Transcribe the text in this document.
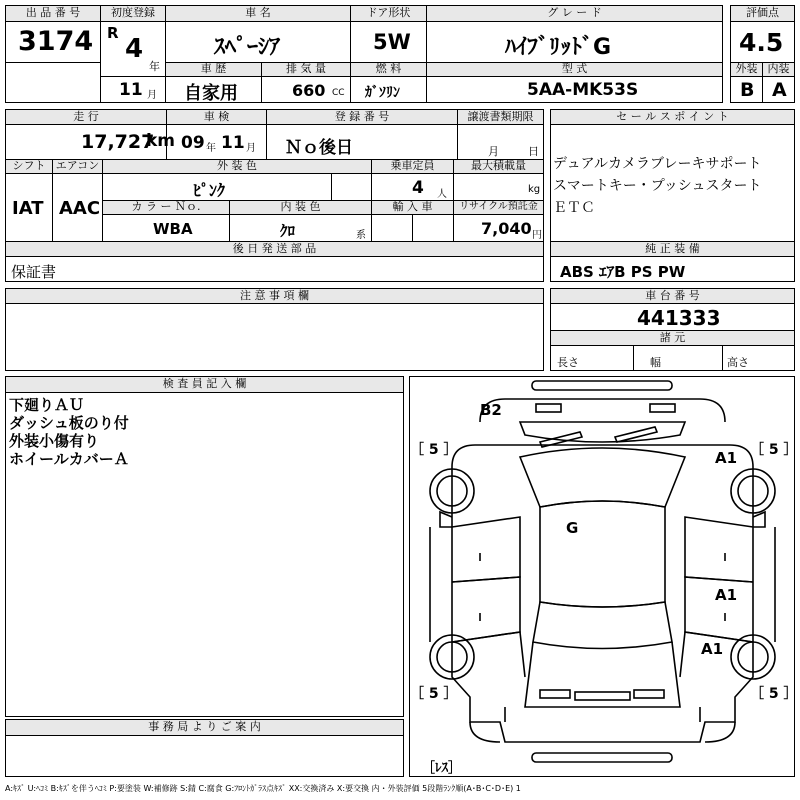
出 品 番 号
3174
初度登録
R
4
年
11 月
車 名
ｽﾍﾟｰｼｱ
ドア形状
5W
グ レ ー ド
ﾊｲﾌﾞﾘｯﾄﾞG
評価点
4.5
車 歴
自家用
排 気 量
660 CC
燃 料
ｶﾞｿﾘﾝ
型 式
5AA-MK53S
外装
B
内装
A
走 行
17,727
km
車 検
09 年 11 月
登 録 番 号
Ｎｏ後日
譲渡書類期限
月	日
シフト
IAT
エアコン
AAC
外 装 色
ﾋﾟﾝｸ
乗車定員
4 人
最大積載量
kg
カ ラ ー Ｎｏ.
WBA
内 装 色
ｸﾛ	系
輸 入 車	リサイクル預託金
7,040 円
後 日 発 送 部 品
保証書
セ ー ル ス ポ イ ン ト
デュアルカメラブレーキサポート
スマートキー・プッシュスタート
ＥＴＣ
純 正 装 備
ABS ｴｱB PS PW
注 意 事 項 欄	車 台 番 号
441333
諸 元
長さ	幅	高さ
検 査 員 記 入 欄
下廻りＡＵ
ダッシュ板のり付
外装小傷有り
ホイールカバーＡ
事 務 局 よ り ご 案 内
B2
G
A1
A1
A1
［ 5 ］	［ 5 ］
［ 5 ］	［ 5 ］
［ﾚｽ］
A:ｷｽﾞ U:ﾍｺﾐ B:ｷｽﾞを伴うﾍｺﾐ P:要塗装 W:補修跡 S:錆 C:腐食 G:ﾌﾛﾝﾄｶﾞﾗｽ点ｷｽﾞ XX:交換済み X:要交換 内・外装評価 5段階ﾗﾝｸ順(A･B･C･D･E) 1
